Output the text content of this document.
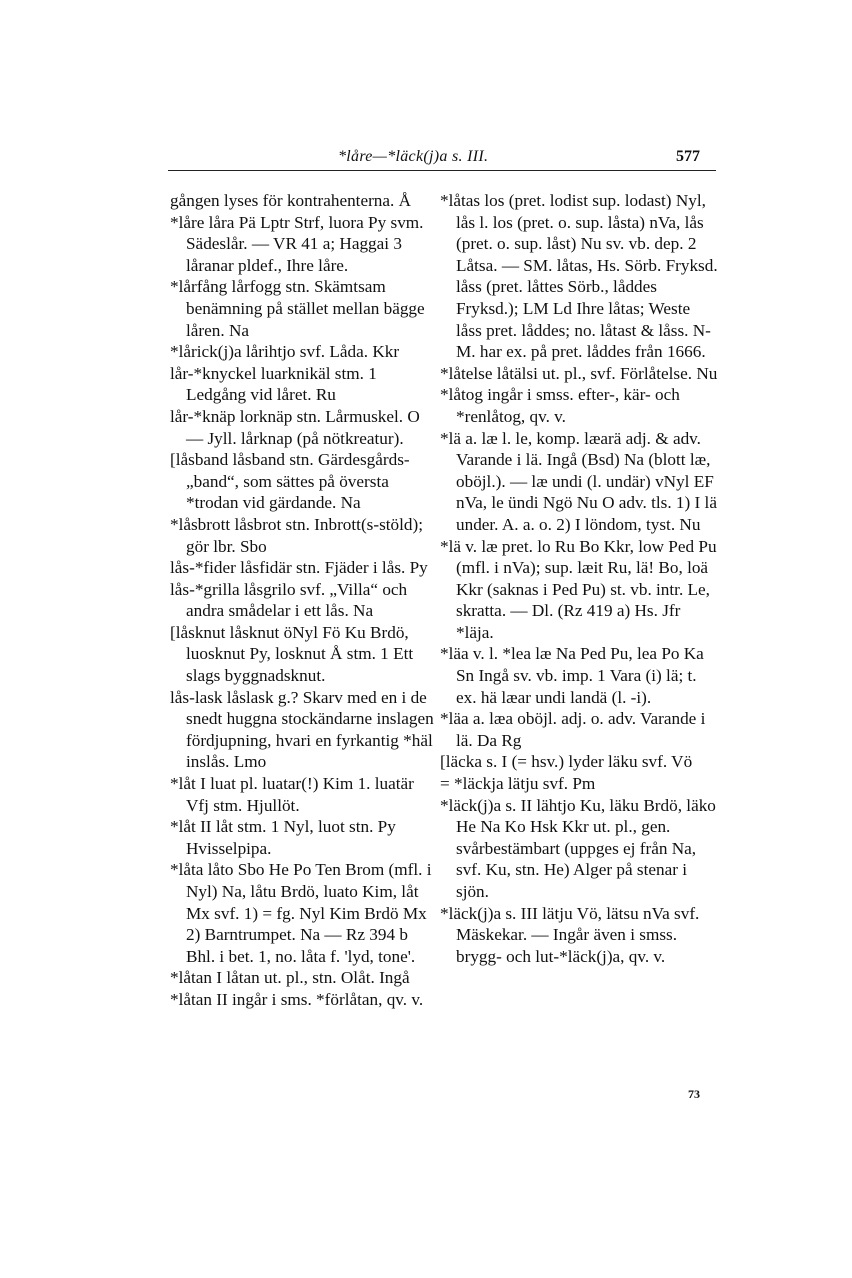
*låre—*läck(j)a s. III.	577

gången lyses för kontrahenterna. Å

*låre låra Pä Lptr Strf, luora Py svm. Sädeslår. — VR 41 a; Haggai 3 låranar pldef., Ihre låre.

*lårfång lårfogg stn. Skämtsam benämning på stället mellan bägge låren. Na

*lårick(j)a lårihtjo svf. Låda. Kkr

lår-*knyckel luarknikäl stm. 1 Ledgång vid låret. Ru

lår-*knäp lorknäp stn. Lårmuskel. O — Jyll. lårknap (på nötkreatur).

[låsband låsband stn. Gärdesgårds-„band“, som sättes på översta *trodan vid gärdande. Na

*låsbrott låsbrot stn. Inbrott(s-stöld); gör lbr. Sbo

lås-*fider låsfidär stn. Fjäder i lås. Py

lås-*grilla låsgrilo svf. „Villa“ och andra smådelar i ett lås. Na

[låsknut låsknut öNyl Fö Ku Brdö, luosknut Py, losknut Å stm. 1 Ett slags byggnadsknut.

lås-lask låslask g.? Skarv med en i de snedt huggna stockändarne inslagen fördjupning, hvari en fyrkantig *häl inslås. Lmo

*låt I luat pl. luatar(!) Kim 1. luatär Vfj stm. Hjullöt.

*låt II låt stm. 1 Nyl, luot stn. Py Hvisselpipa.

*låta låto Sbo He Po Ten Brom (mfl. i Nyl) Na, låtu Brdö, luato Kim, låt Mx svf. 1) = fg. Nyl Kim Brdö Mx 2) Barntrumpet. Na — Rz 394 b Bhl. i bet. 1, no. låta f. 'lyd, tone'.

*låtan I låtan ut. pl., stn. Olåt. Ingå

*låtan II ingår i sms. *förlåtan, qv. v.

*låtas los (pret. lodist sup. lodast) Nyl, lås l. los (pret. o. sup. låsta) nVa, lås (pret. o. sup. låst) Nu sv. vb. dep. 2 Låtsa. — SM. låtas, Hs. Sörb. Fryksd. låss (pret. låttes Sörb., låddes Fryksd.); LM Ld Ihre låtas; Weste låss pret. låddes; no. låtast & låss. N-M. har ex. på pret. låddes från 1666.

*låtelse låtälsi ut. pl., svf. Förlåtelse. Nu

*låtog ingår i smss. efter-, kär- och *renlåtog, qv. v.

*lä a. læ l. le, komp. læarä adj. & adv. Varande i lä. Ingå (Bsd) Na (blott læ, oböjl.). — læ undi (l. undär) vNyl EF nVa, le ündi Ngö Nu O adv. tls. 1) I lä under. A. a. o. 2) I löndom, tyst. Nu

*lä v. læ pret. lo Ru Bo Kkr, low Ped Pu (mfl. i nVa); sup. læit Ru, lä! Bo, loä Kkr (saknas i Ped Pu) st. vb. intr. Le, skratta. — Dl. (Rz 419 a) Hs. Jfr *läja.

*läa v. l. *lea læ Na Ped Pu, lea Po Ka Sn Ingå sv. vb. imp. 1 Vara (i) lä; t. ex. hä læar undi landä (l. -i).

*läa a. læa oböjl. adj. o. adv. Varande i lä. Da Rg

[läcka s. I (= hsv.) lyder läku svf. Vö

= *läckja lätju svf. Pm

*läck(j)a s. II lähtjo Ku, läku Brdö, läko He Na Ko Hsk Kkr ut. pl., gen. svårbestämbart (uppges ej från Na, svf. Ku, stn. He) Alger på stenar i sjön.

*läck(j)a s. III lätju Vö, lätsu nVa svf. Mäskekar. — Ingår även i smss. brygg- och lut-*läck(j)a, qv. v.

73
